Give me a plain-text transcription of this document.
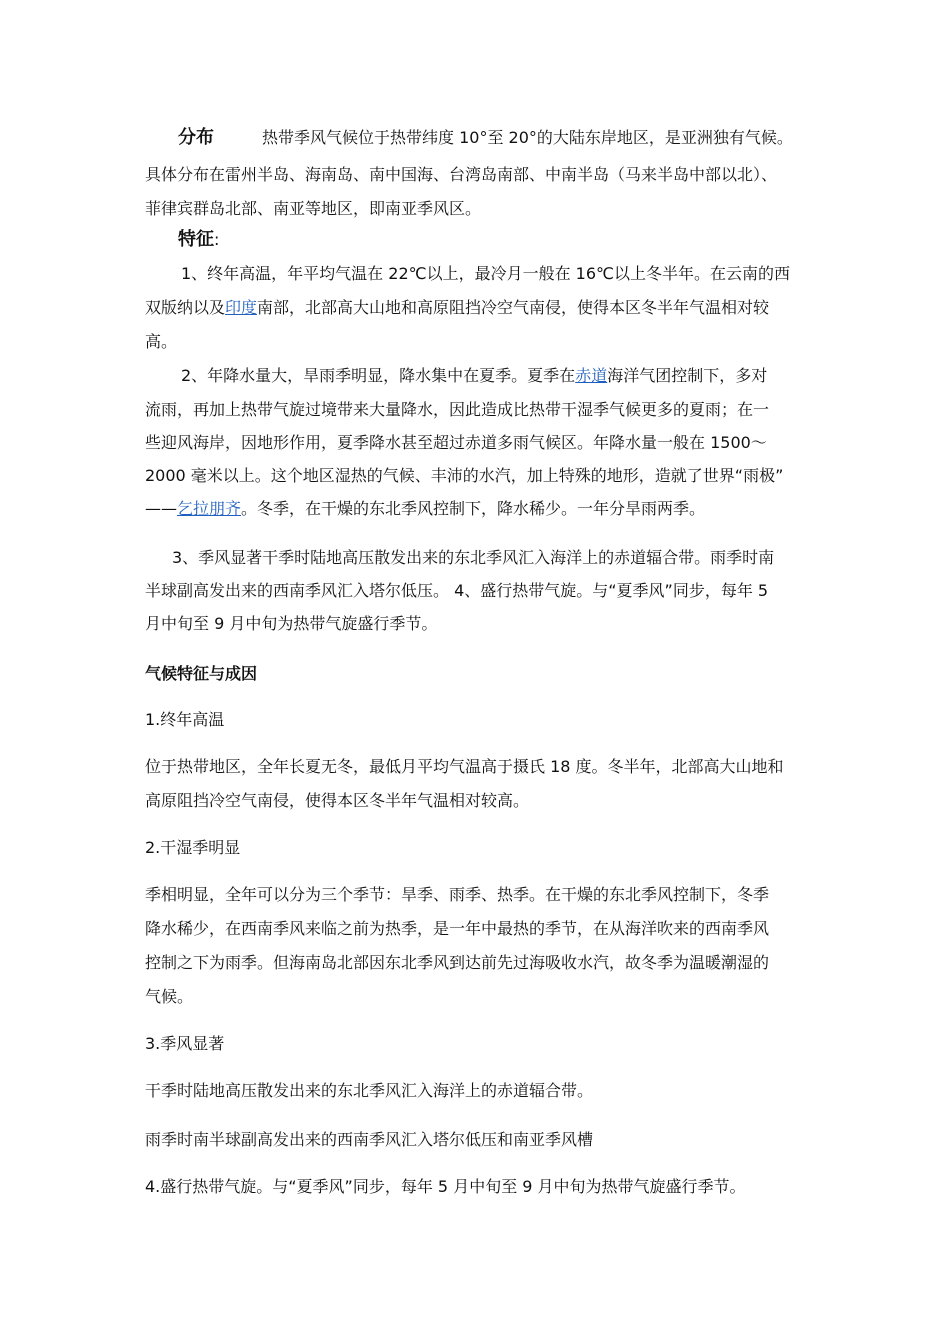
分布	热带季风气候位于热带纬度 10°至 20°的大陆东岸地区，是亚洲独有气候。
具体分布在雷州半岛、海南岛、南中国海、台湾岛南部、中南半岛（马来半岛中部以北）、
菲律宾群岛北部、南亚等地区，即南亚季风区。
特征:
1、终年高温，年平均气温在 22℃以上，最冷月一般在 16℃以上冬半年。在云南的西
双版纳以及印度南部，北部高大山地和高原阻挡冷空气南侵，使得本区冬半年气温相对较
高。
2、年降水量大，旱雨季明显，降水集中在夏季。夏季在赤道海洋气团控制下，多对
流雨，再加上热带气旋过境带来大量降水，因此造成比热带干湿季气候更多的夏雨；在一
些迎风海岸，因地形作用，夏季降水甚至超过赤道多雨气候区。年降水量一般在 1500～
2000 毫米以上。这个地区湿热的气候、丰沛的水汽，加上特殊的地形，造就了世界“雨极”
——乞拉朋齐。冬季，在干燥的东北季风控制下，降水稀少。一年分旱雨两季。
3、季风显著干季时陆地高压散发出来的东北季风汇入海洋上的赤道辐合带。雨季时南
半球副高发出来的西南季风汇入塔尔低压。 4、盛行热带气旋。与“夏季风”同步，每年 5
月中旬至 9 月中旬为热带气旋盛行季节。
气候特征与成因
1.终年高温
位于热带地区，全年长夏无冬，最低月平均气温高于摄氏 18 度。冬半年，北部高大山地和
高原阻挡冷空气南侵，使得本区冬半年气温相对较高。
2.干湿季明显
季相明显，全年可以分为三个季节：旱季、雨季、热季。在干燥的东北季风控制下，冬季
降水稀少，在西南季风来临之前为热季，是一年中最热的季节，在从海洋吹来的西南季风
控制之下为雨季。但海南岛北部因东北季风到达前先过海吸收水汽，故冬季为温暖潮湿的
气候。
3.季风显著
干季时陆地高压散发出来的东北季风汇入海洋上的赤道辐合带。
雨季时南半球副高发出来的西南季风汇入塔尔低压和南亚季风槽
4.盛行热带气旋。与“夏季风”同步，每年 5 月中旬至 9 月中旬为热带气旋盛行季节。
